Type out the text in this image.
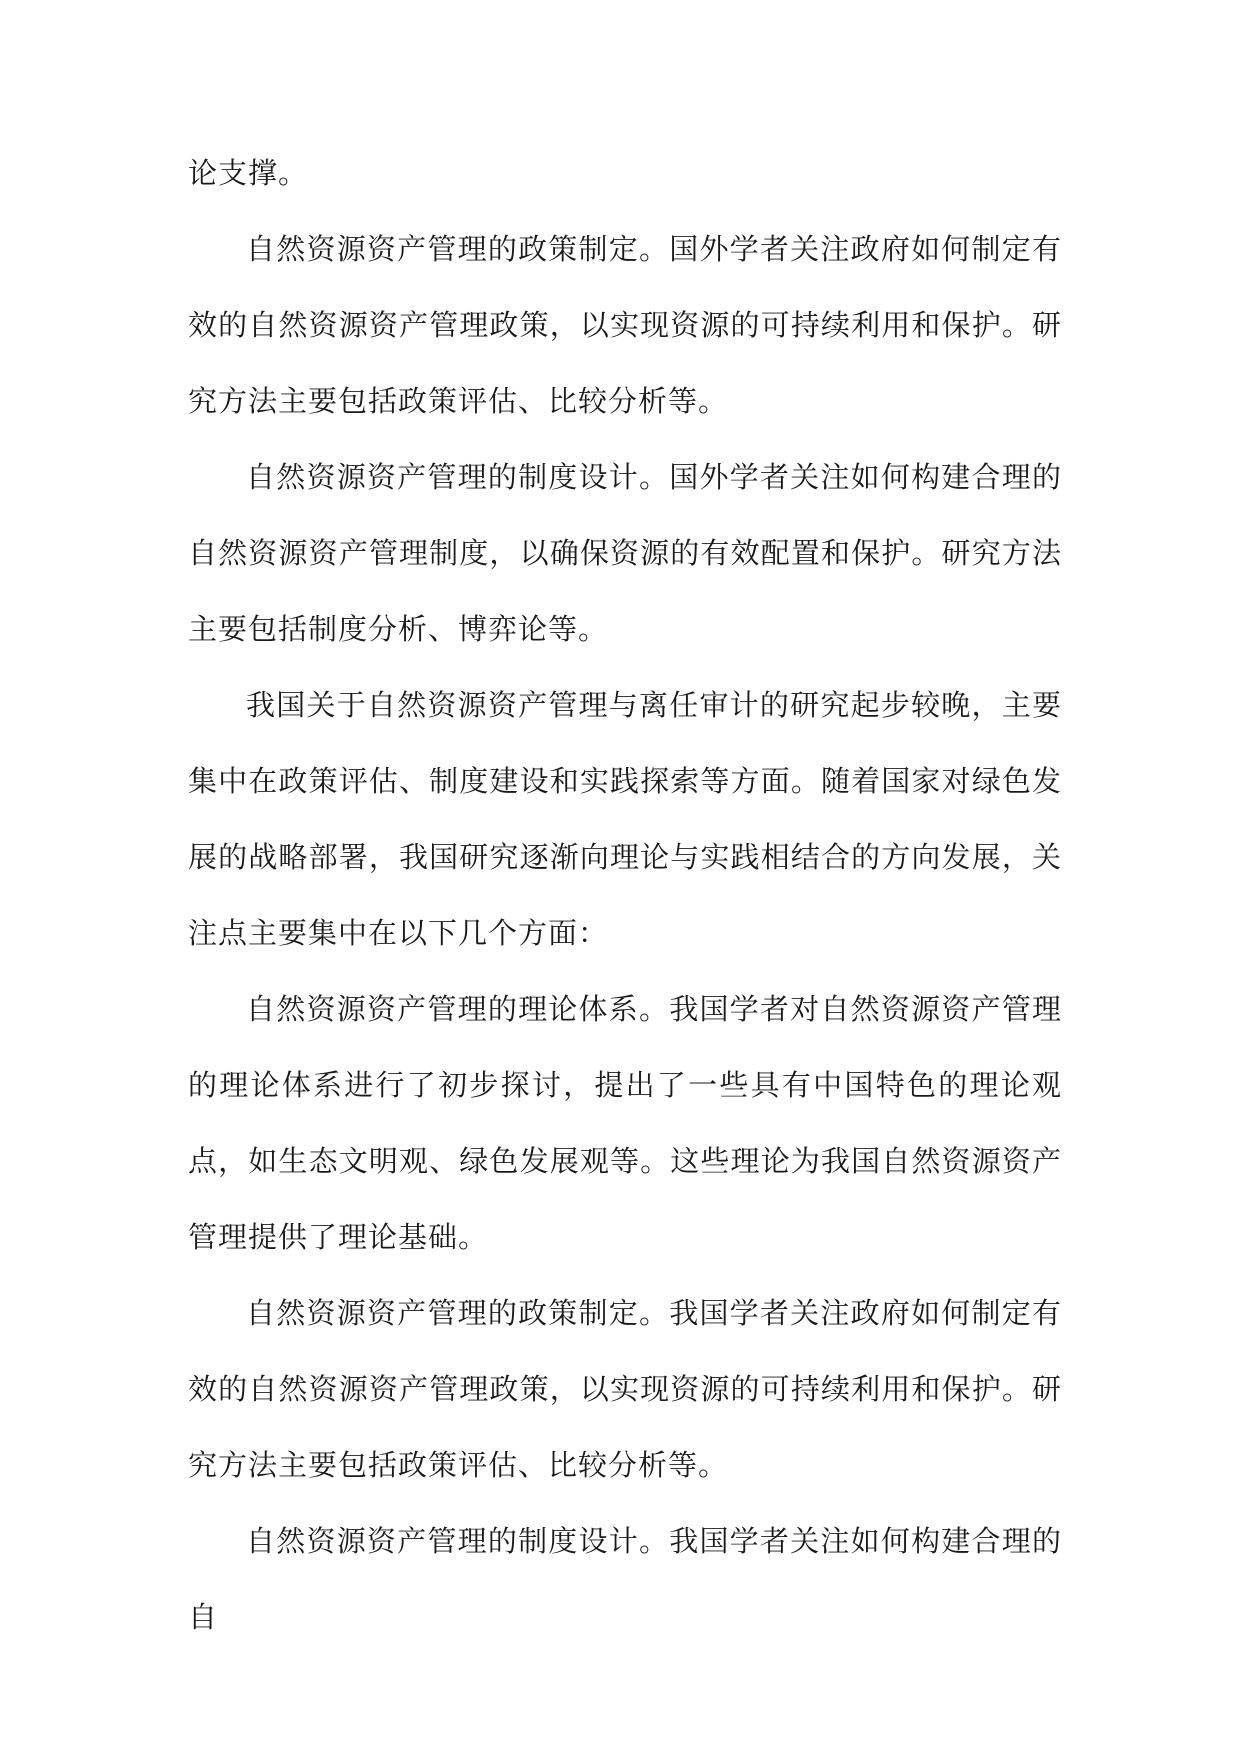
论支撑。

自然资源资产管理的政策制定。国外学者关注政府如何制定有效的自然资源资产管理政策，以实现资源的可持续利用和保护。研究方法主要包括政策评估、比较分析等。

自然资源资产管理的制度设计。国外学者关注如何构建合理的自然资源资产管理制度，以确保资源的有效配置和保护。研究方法主要包括制度分析、博弈论等。

我国关于自然资源资产管理与离任审计的研究起步较晚，主要集中在政策评估、制度建设和实践探索等方面。随着国家对绿色发展的战略部署，我国研究逐渐向理论与实践相结合的方向发展，关注点主要集中在以下几个方面：

自然资源资产管理的理论体系。我国学者对自然资源资产管理的理论体系进行了初步探讨，提出了一些具有中国特色的理论观点，如生态文明观、绿色发展观等。这些理论为我国自然资源资产管理提供了理论基础。

自然资源资产管理的政策制定。我国学者关注政府如何制定有效的自然资源资产管理政策，以实现资源的可持续利用和保护。研究方法主要包括政策评估、比较分析等。

自然资源资产管理的制度设计。我国学者关注如何构建合理的自
